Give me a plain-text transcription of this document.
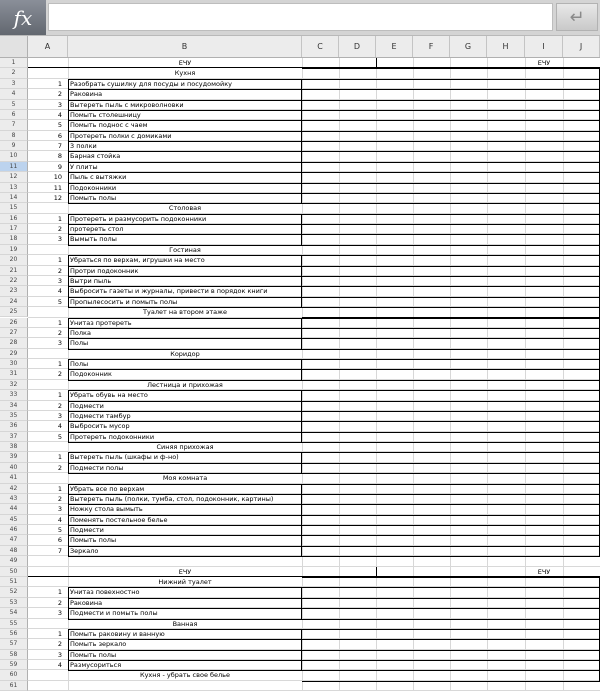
fx	↵
A	B	C	D	E	F	G	H	I	J
1	ЕЧУ	ЕЧУ
2	Кухня
3	1 Разобрать сушилку для посуды и посудомойку
4	2 Раковина
5	3 Вытереть пыль с микроволновки
6	4 Помыть столешницу
7	5 Помыть поднос с чаем
8	6 Протереть полки с домиками
9	7 3 полки
10	8 Барная стойка
11	9 У плиты
12	10 Пыль с вытяжки
13	11 Подоконники
14	12 Помыть полы
15	Столовая
16	1 Протереть и размусорить подоконники
17	2 протереть стол
18	3 Вымыть полы
19	Гостиная
20	1 Убраться по верхам, игрушки на место
21	2 Протри подоконник
22	3 Вытри пыль
23	4 Выбросить газеты и журналы, привести в порядок книги
24	5 Пропылесосить и помыть полы
25	Туалет на втором этаже
26	1 Унитаз протереть
27	2 Полка
28	3 Полы
29	Коридор
30	1 Полы
31	2 Подоконник
32	Лестница и прихожая
33	1 Убрать обувь на место
34	2 Подмести
35	3 Подмести тамбур
36	4 Выбросить мусор
37	5 Протереть подоконники
38	Синяя прихожая
39	1 Вытереть пыль (шкафы и ф-но)
40	2 Подмести полы
41	Моя комната
42	1 Убрать все по верхам
43	2 Вытереть пыль (полки, тумба, стол, подоконник, картины)
44	3 Ножку стола вымыть
45	4 Поменять постельное белье
46	5 Подмести
47	6 Помыть полы
48	7 Зеркало
49
50	ЕЧУ	ЕЧУ
51	Нижний туалет
52	1 Унитаз повехностно
53	2 Раковина
54	3 Подмести и помыть полы
55	Ванная
56	1 Помыть раковину и ванную
57	2 Помыть зеркало
58	3 Помыть полы
59	4 Размусориться
60	Кухня - убрать свое белье
61
